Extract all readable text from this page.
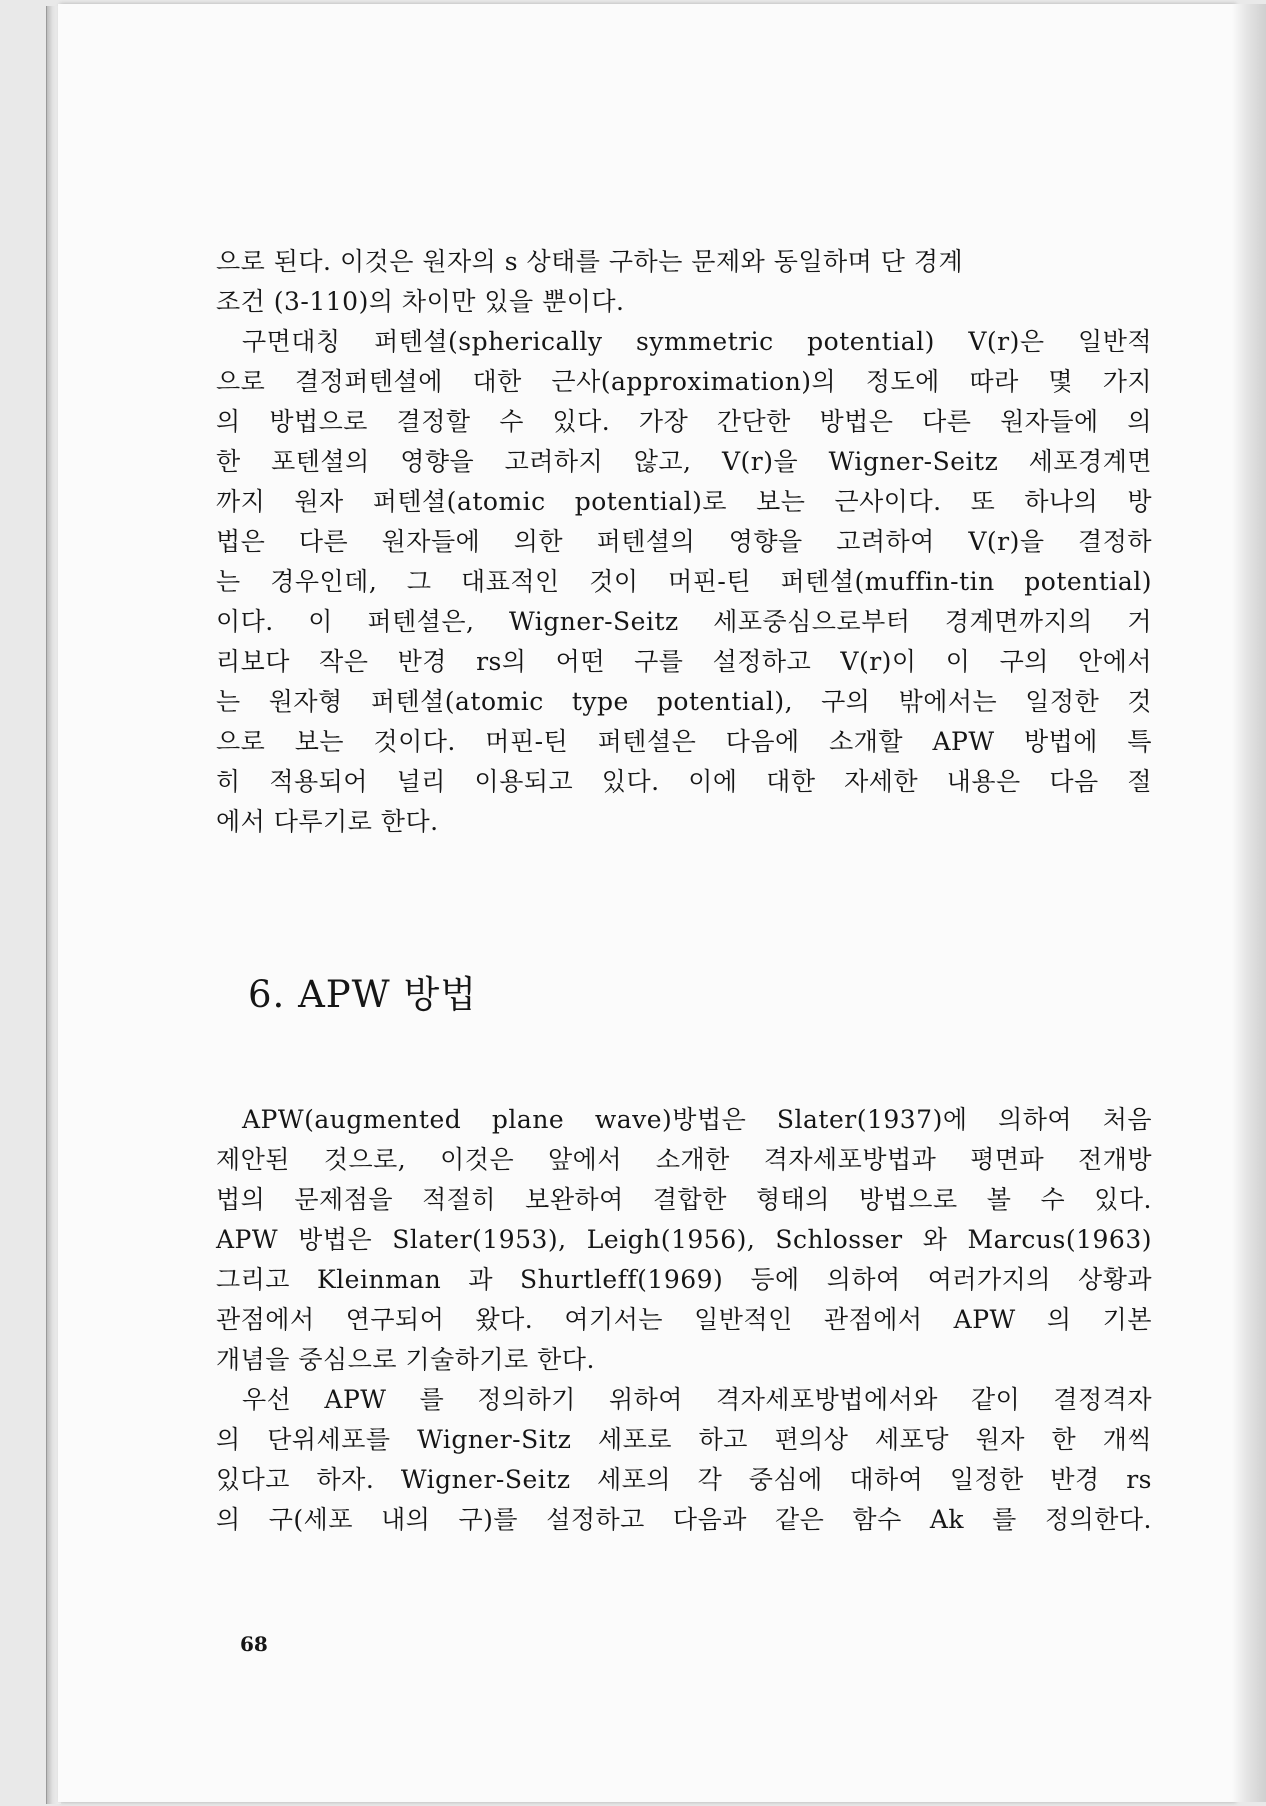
으로 된다. 이것은 원자의 s 상태를 구하는 문제와 동일하며 단 경계
조건 (3-110)의 차이만 있을 뿐이다.
구면대칭 퍼텐셜(spherically symmetric potential) V(r)은 일반적
으로 결정퍼텐셜에 대한 근사(approximation)의 정도에 따라 몇 가지
의 방법으로 결정할 수 있다. 가장 간단한 방법은 다른 원자들에 의
한 포텐셜의 영향을 고려하지 않고, V(r)을 Wigner-Seitz 세포경계면
까지 원자 퍼텐셜(atomic potential)로 보는 근사이다. 또 하나의 방
법은 다른 원자들에 의한 퍼텐셜의 영향을 고려하여 V(r)을 결정하
는 경우인데, 그 대표적인 것이 머핀-틴 퍼텐셜(muffin-tin potential)
이다. 이 퍼텐셜은, Wigner-Seitz 세포중심으로부터 경계면까지의 거
리보다 작은 반경 rs의 어떤 구를 설정하고 V(r)이 이 구의 안에서
는 원자형 퍼텐셜(atomic type potential), 구의 밖에서는 일정한 것
으로 보는 것이다. 머핀-틴 퍼텐셜은 다음에 소개할 APW 방법에 특
히 적용되어 널리 이용되고 있다. 이에 대한 자세한 내용은 다음 절
에서 다루기로 한다.
6. APW 방법
APW(augmented plane wave)방법은 Slater(1937)에 의하여 처음
제안된 것으로, 이것은 앞에서 소개한 격자세포방법과 평면파 전개방
법의 문제점을 적절히 보완하여 결합한 형태의 방법으로 볼 수 있다.
APW 방법은 Slater(1953), Leigh(1956), Schlosser 와 Marcus(1963)
그리고 Kleinman 과 Shurtleff(1969) 등에 의하여 여러가지의 상황과
관점에서 연구되어 왔다. 여기서는 일반적인 관점에서 APW 의 기본
개념을 중심으로 기술하기로 한다.
우선 APW 를 정의하기 위하여 격자세포방법에서와 같이 결정격자
의 단위세포를 Wigner-Sitz 세포로 하고 편의상 세포당 원자 한 개씩
있다고 하자. Wigner-Seitz 세포의 각 중심에 대하여 일정한 반경 rs
의 구(세포 내의 구)를 설정하고 다음과 같은 함수 Ak 를 정의한다.
68
